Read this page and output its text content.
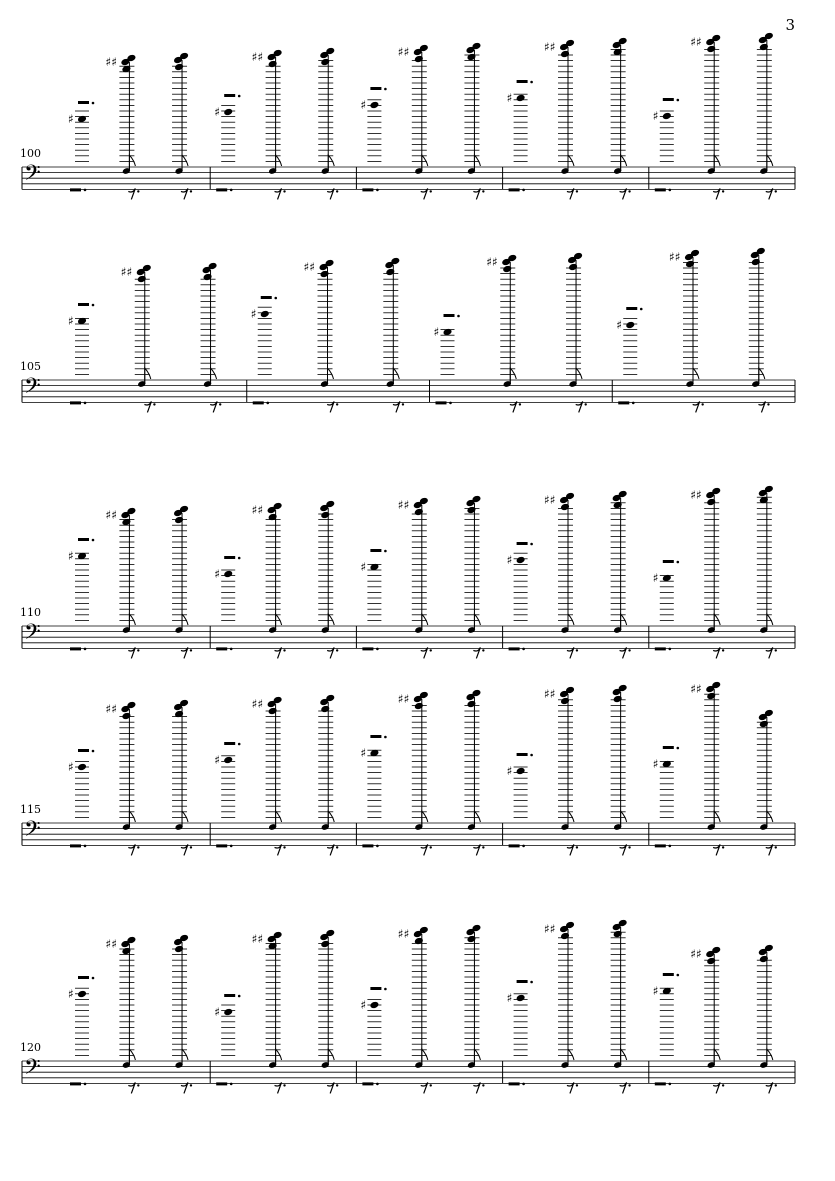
3
𝄢
♯
♯♯
♯
♯♯
♯
♯♯
♯
♯♯
♯
♯♯
100
𝄢
♯
♯♯
♯
♯♯
♯
♯♯
♯
♯♯
105
𝄢
♯
♯♯
♯
♯♯
♯
♯♯
♯
♯♯
♯
♯♯
110
𝄢
♯
♯♯
♯
♯♯
♯
♯♯
♯
♯♯
♯
♯♯
115
𝄢
♯
♯♯
♯
♯♯
♯
♯♯
♯
♯♯
♯
♯♯
120
